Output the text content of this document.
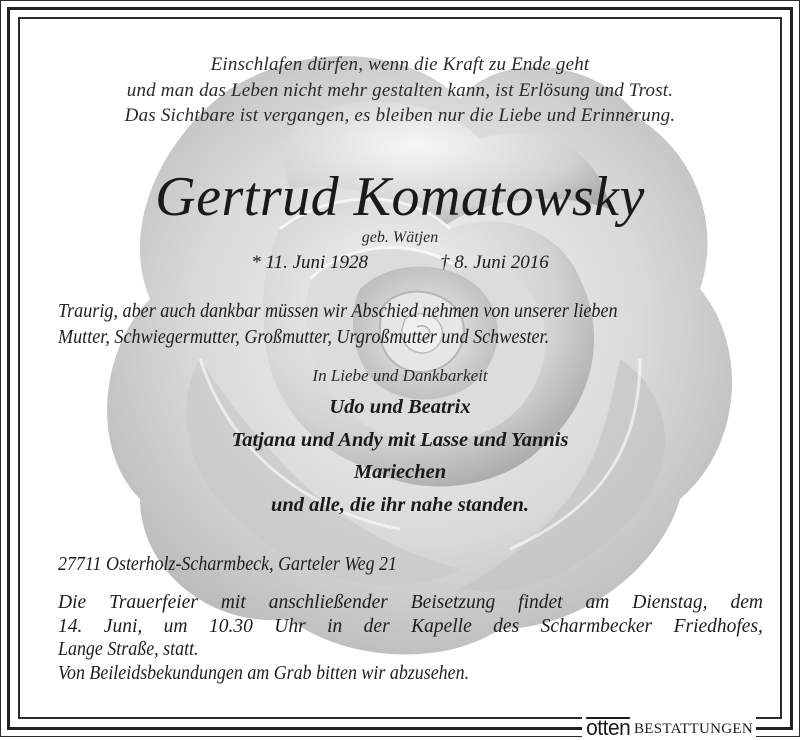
Einschlafen dürfen, wenn die Kraft zu Ende geht
und man das Leben nicht mehr gestalten kann, ist Erlösung und Trost.
Das Sichtbare ist vergangen, es bleiben nur die Liebe und Erinnerung.
Gertrud Komatowsky
geb. Wätjen
* 11. Juni 1928	† 8. Juni 2016
Traurig, aber auch dankbar müssen wir Abschied nehmen von unserer lieben
Mutter, Schwiegermutter, Großmutter, Urgroßmutter und Schwester.
In Liebe und Dankbarkeit
Udo und Beatrix
Tatjana und Andy mit Lasse und Yannis
Mariechen
und alle, die ihr nahe standen.
27711 Osterholz-Scharmbeck, Garteler Weg 21
Die Trauerfeier mit anschließender Beisetzung findet am Dienstag, dem
14. Juni, um 10.30 Uhr in der Kapelle des Scharmbecker Friedhofes,
Lange Straße, statt.
Von Beileidsbekundungen am Grab bitten wir abzusehen.
otten BESTATTUNGEN
